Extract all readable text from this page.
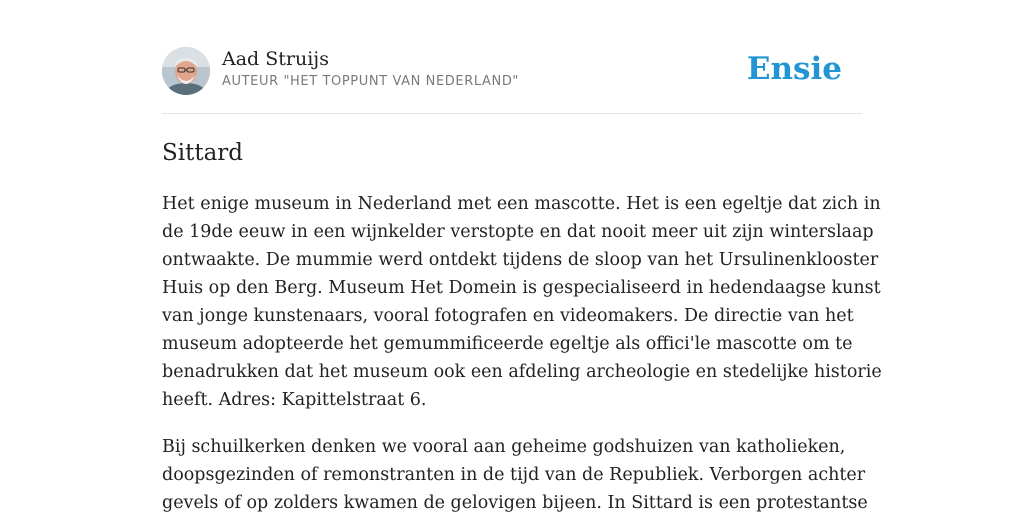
Aad Struijs
AUTEUR "HET TOPPUNT VAN NEDERLAND"	Ensie
Sittard

Het enige museum in Nederland met een mascotte. Het is een egeltje dat zich in
de 19de eeuw in een wijnkelder verstopte en dat nooit meer uit zijn winterslaap
ontwaakte. De mummie werd ontdekt tijdens de sloop van het Ursulinenklooster
Huis op den Berg. Museum Het Domein is gespecialiseerd in hedendaagse kunst
van jonge kunstenaars, vooral fotografen en videomakers. De directie van het
museum adopteerde het gemummificeerde egeltje als offici'le mascotte om te
benadrukken dat het museum ook een afdeling archeologie en stedelijke historie
heeft. Adres: Kapittelstraat 6.

Bij schuilkerken denken we vooral aan geheime godshuizen van katholieken,
doopsgezinden of remonstranten in de tijd van de Republiek. Verborgen achter
gevels of op zolders kwamen de gelovigen bijeen. In Sittard is een protestantse
